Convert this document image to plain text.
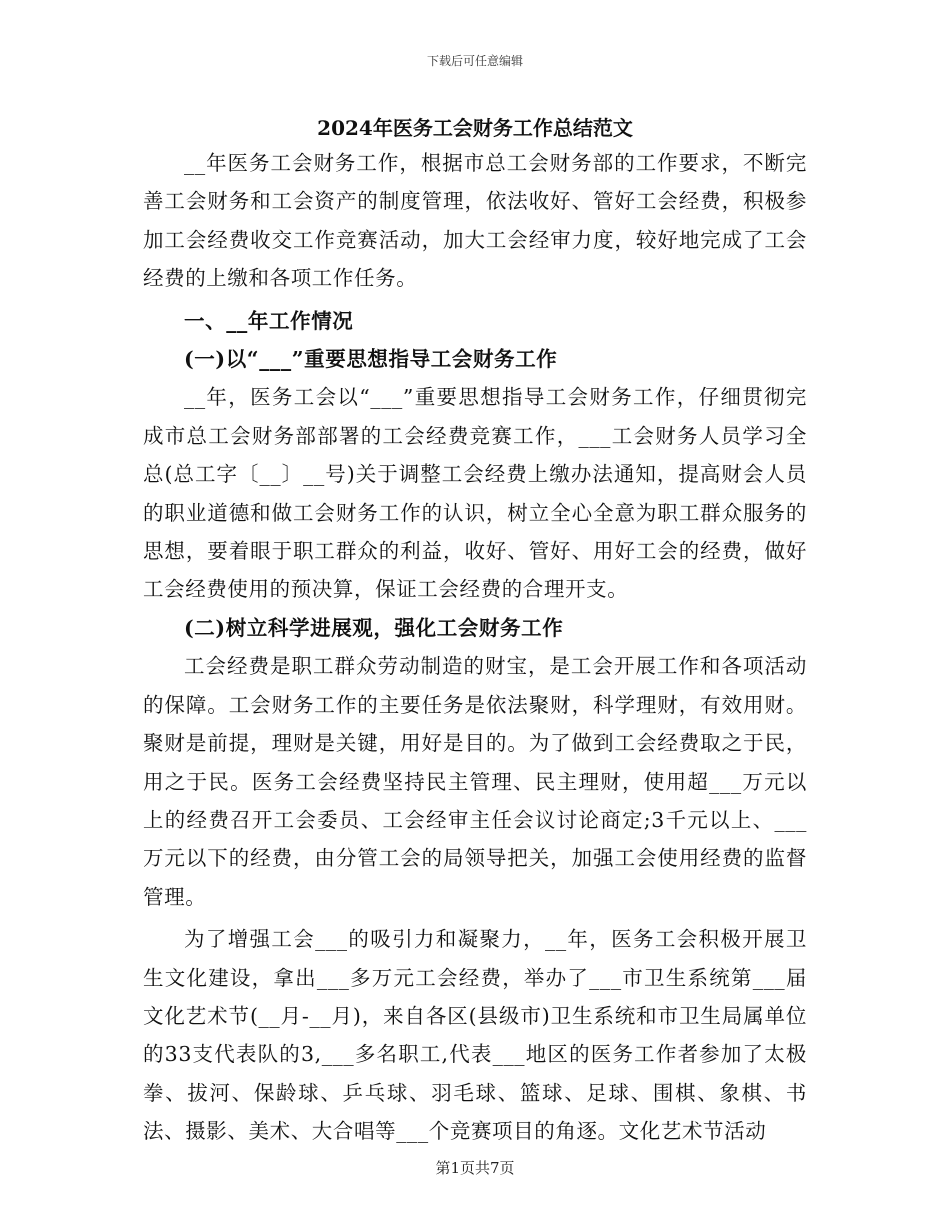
下载后可任意编辑
2024年医务工会财务工作总结范文

__年医务工会财务工作，根据市总工会财务部的工作要求，不断完善工会财务和工会资产的制度管理，依法收好、管好工会经费，积极参加工会经费收交工作竞赛活动，加大工会经审力度，较好地完成了工会经费的上缴和各项工作任务。

一、__年工作情况

(一)以“___”重要思想指导工会财务工作

__年，医务工会以“___”重要思想指导工会财务工作，仔细贯彻完成市总工会财务部部署的工会经费竞赛工作，___工会财务人员学习全总(总工字〔__〕__号)关于调整工会经费上缴办法通知，提高财会人员的职业道德和做工会财务工作的认识，树立全心全意为职工群众服务的思想，要着眼于职工群众的利益，收好、管好、用好工会的经费，做好工会经费使用的预决算，保证工会经费的合理开支。

(二)树立科学进展观，强化工会财务工作

工会经费是职工群众劳动制造的财宝，是工会开展工作和各项活动的保障。工会财务工作的主要任务是依法聚财，科学理财，有效用财。聚财是前提，理财是关键，用好是目的。为了做到工会经费取之于民，用之于民。医务工会经费坚持民主管理、民主理财，使用超___万元以上的经费召开工会委员、工会经审主任会议讨论商定;3千元以上、___万元以下的经费，由分管工会的局领导把关，加强工会使用经费的监督管理。

为了增强工会___的吸引力和凝聚力，__年，医务工会积极开展卫生文化建设，拿出___多万元工会经费，举办了___市卫生系统第___届文化艺术节(__月-__月)，来自各区(县级市)卫生系统和市卫生局属单位的33支代表队的3,___多名职工,代表___地区的医务工作者参加了太极拳、拔河、保龄球、乒乓球、羽毛球、篮球、足球、围棋、象棋、书法、摄影、美术、大合唱等___个竞赛项目的角逐。文化艺术节活动

第1页共7页
